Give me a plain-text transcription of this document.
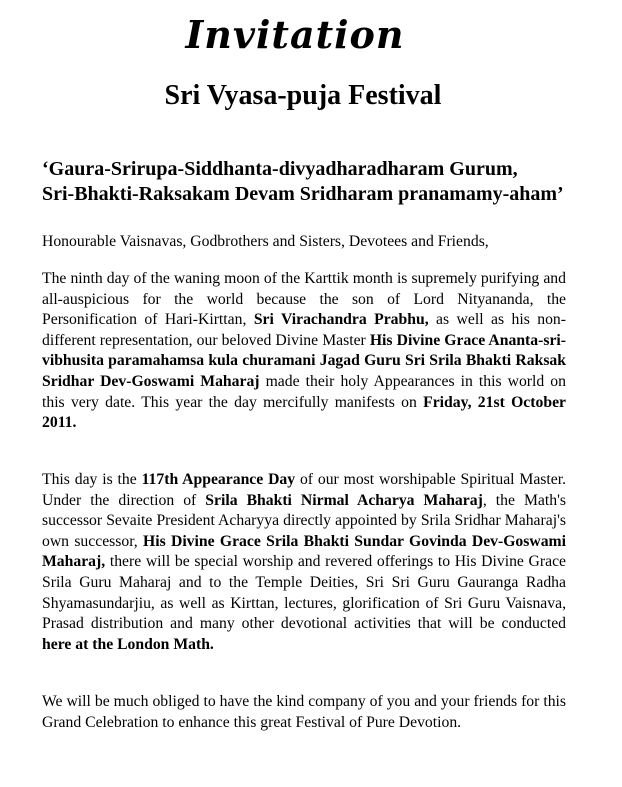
Invitation
Sri Vyasa-puja Festival
‘Gaura-Srirupa-Siddhanta-divyadharadharam Gurum,
Sri-Bhakti-Raksakam Devam Sridharam pranamamy-aham’

Honourable Vaisnavas, Godbrothers and Sisters, Devotees and Friends,

The ninth day of the waning moon of the Karttik month is supremely purifying and all-auspicious for the world because the son of Lord Nityananda, the Personification of Hari-Kirttan, Sri Virachandra Prabhu, as well as his non-different representation, our beloved Divine Master His Divine Grace Ananta-sri-vibhusita paramahamsa kula churamani Jagad Guru Sri Srila Bhakti Raksak Sridhar Dev-Goswami Maharaj made their holy Appearances in this world on this very date. This year the day mercifully manifests on Friday, 21st October 2011.

This day is the 117th Appearance Day of our most worshipable Spiritual Master. Under the direction of Srila Bhakti Nirmal Acharya Maharaj, the Math's successor Sevaite President Acharyya directly appointed by Srila Sridhar Maharaj's own successor, His Divine Grace Srila Bhakti Sundar Govinda Dev-Goswami Maharaj, there will be special worship and revered offerings to His Divine Grace Srila Guru Maharaj and to the Temple Deities, Sri Sri Guru Gauranga Radha Shyamasundarjiu, as well as Kirttan, lectures, glorification of Sri Guru Vaisnava, Prasad distribution and many other devotional activities that will be conducted here at the London Math.

We will be much obliged to have the kind company of you and your friends for this Grand Celebration to enhance this great Festival of Pure Devotion.
